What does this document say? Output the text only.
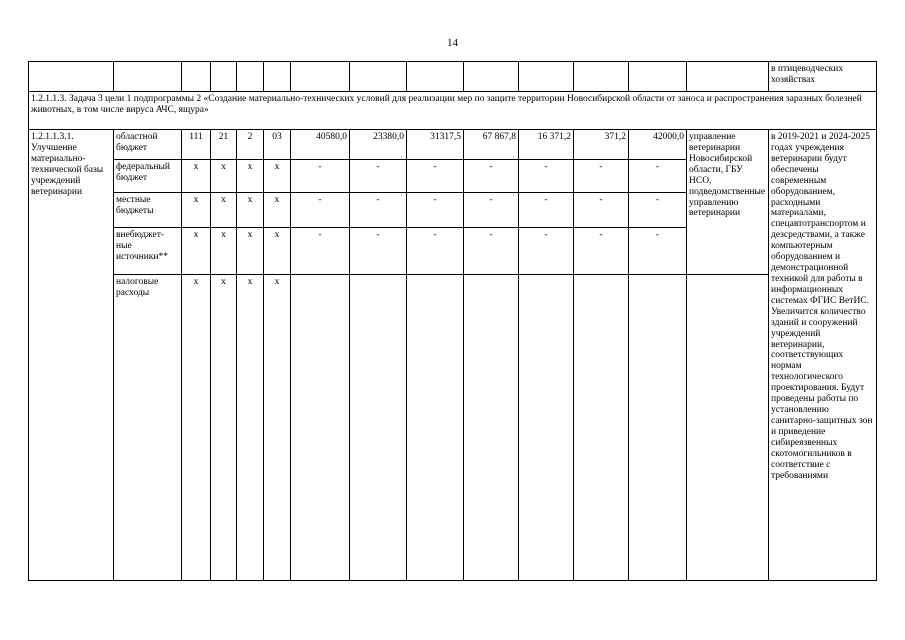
14
														в птицеводческих хозяйствах
1.2.1.1.3. Задача 3 цели 1 подпрограммы 2 «Создание материально-технических условий для реализации мер по защите территории Новосибирской области от заноса и распространения заразных болезней животных, в том числе вируса АЧС, ящура»														
1.2.1.1.3.1. Улучшение материально-технической базы учреждений ветеринарии	областной бюджет	111	21	2	03	40580,0	23380,0	31317,5	67 867,8	16 371,2	371,2	42000,0	управление ветеринарии Новосибирской области, ГБУ НСО, подведомственные управлению ветеринарии	в 2019-2021 и 2024-2025 годах учреждения ветеринарии будут обеспечены современным оборудованием, расходными материалами, спецавтотранспортом и дезсредствами, а также компьютерным оборудованием и демонстрационной техникой для работы в информационных системах ФГИС ВетИС. Увеличится количество зданий и сооружений учреждений ветеринарии, соответствующих нормам технологического проектирования. Будут проведены работы по установлению санитарно-защитных зон и приведение сибиреязвенных скотомогильников в соответствие с требованиями
	федеральный бюджет	х	х	х	х	-	-	-	-	-	-	-		
	местные бюджеты	х	х	х	х	-	-	-	-	-	-	-		
	внебюджет-ные источники**	х	х	х	х	-	-	-	-	-	-	-		
	налоговые расходы	х	х	х	х									
